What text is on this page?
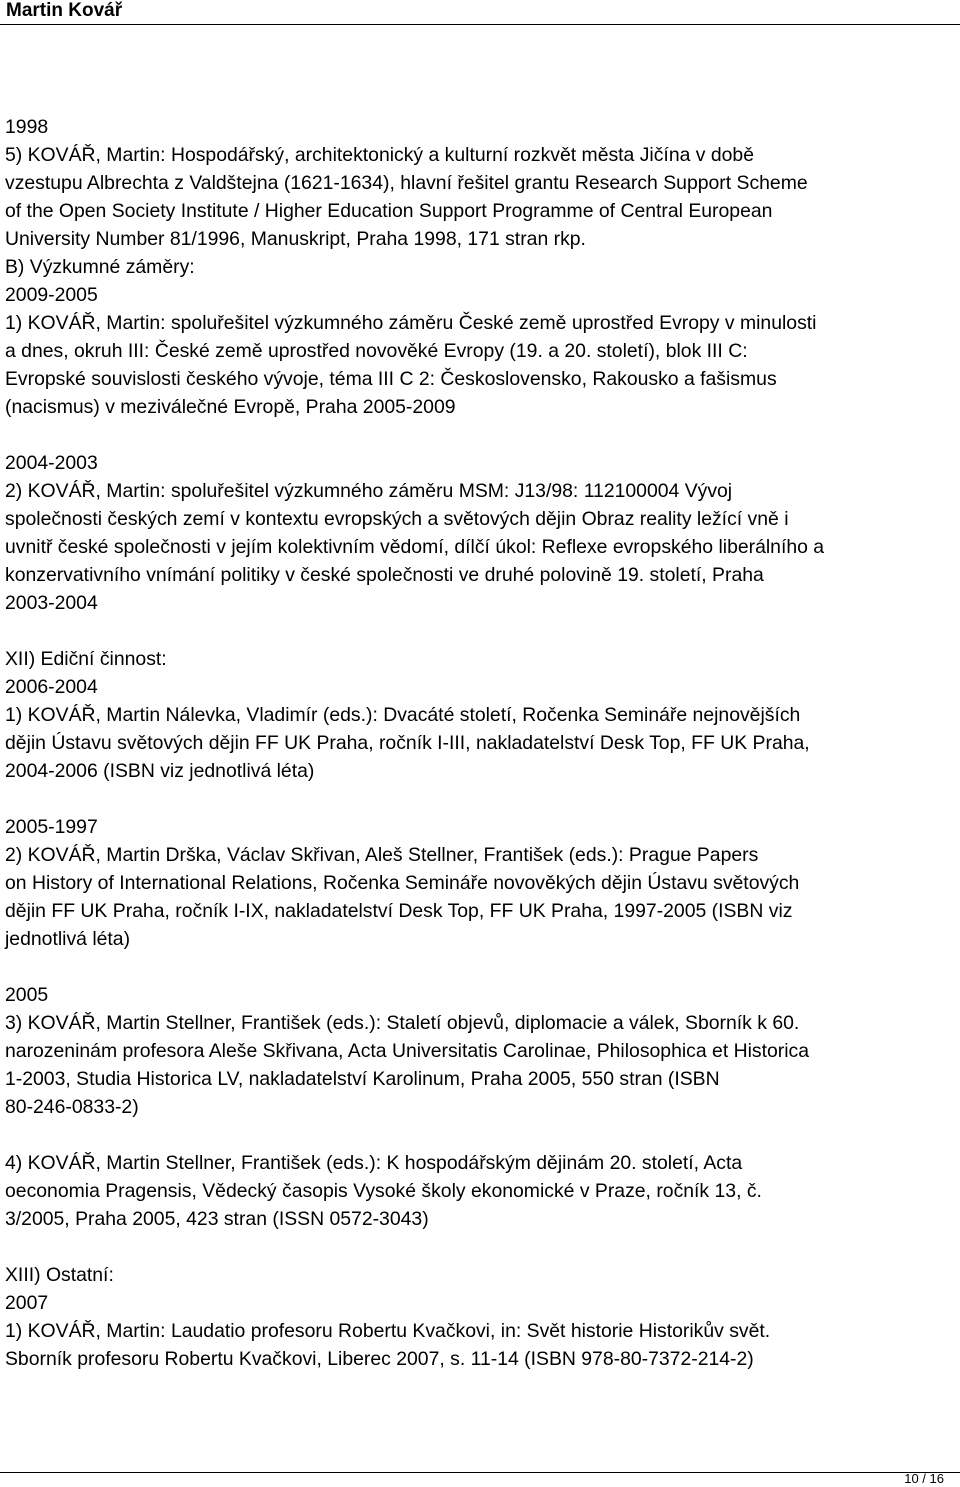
Martin Kovář
1998
5) KOVÁŘ, Martin: Hospodářský, architektonický a kulturní rozkvět města Jičína v době
vzestupu Albrechta z Valdštejna (1621-1634), hlavní řešitel grantu Research Support Scheme
of the Open Society Institute / Higher Education Support Programme of Central European
University Number 81/1996, Manuskript, Praha 1998, 171 stran rkp.
B) Výzkumné záměry:
2009-2005
1) KOVÁŘ, Martin: spoluřešitel výzkumného záměru České země uprostřed Evropy v minulosti
a dnes, okruh III: České země uprostřed novověké Evropy (19. a 20. století), blok III C:
Evropské souvislosti českého vývoje, téma III C 2: Československo, Rakousko a fašismus
(nacismus) v meziválečné Evropě, Praha 2005-2009
2004-2003
2) KOVÁŘ, Martin: spoluřešitel výzkumného záměru MSM: J13/98: 112100004 Vývoj
společnosti českých zemí v kontextu evropských a světových dějin Obraz reality ležící vně i
uvnitř české společnosti v jejím kolektivním vědomí, dílčí úkol: Reflexe evropského liberálního a
konzervativního vnímání politiky v české společnosti ve druhé polovině 19. století, Praha
2003-2004
XII) Ediční činnost:
2006-2004
1) KOVÁŘ, Martin Nálevka, Vladimír (eds.): Dvacáté století, Ročenka Semináře nejnovějších
dějin Ústavu světových dějin FF UK Praha, ročník I-III, nakladatelství Desk Top, FF UK Praha,
2004-2006 (ISBN viz jednotlivá léta)
2005-1997
2) KOVÁŘ, Martin Drška, Václav Skřivan, Aleš Stellner, František (eds.): Prague Papers
on History of International Relations, Ročenka Semináře novověkých dějin Ústavu světových
dějin FF UK Praha, ročník I-IX, nakladatelství Desk Top, FF UK Praha, 1997-2005 (ISBN viz
jednotlivá léta)
2005
3) KOVÁŘ, Martin Stellner, František (eds.): Staletí objevů, diplomacie a válek, Sborník k 60.
narozeninám profesora Aleše Skřivana, Acta Universitatis Carolinae, Philosophica et Historica
1-2003, Studia Historica LV, nakladatelství Karolinum, Praha 2005, 550 stran (ISBN
80-246-0833-2)
4) KOVÁŘ, Martin Stellner, František (eds.): K hospodářským dějinám 20. století, Acta
oeconomia Pragensis, Vědecký časopis Vysoké školy ekonomické v Praze, ročník 13, č.
3/2005, Praha 2005, 423 stran (ISSN 0572-3043)
XIII) Ostatní:
2007
1) KOVÁŘ, Martin: Laudatio profesoru Robertu Kvačkovi, in: Svět historie Historikův svět.
Sborník profesoru Robertu Kvačkovi, Liberec 2007, s. 11-14 (ISBN 978-80-7372-214-2)
10 / 16
